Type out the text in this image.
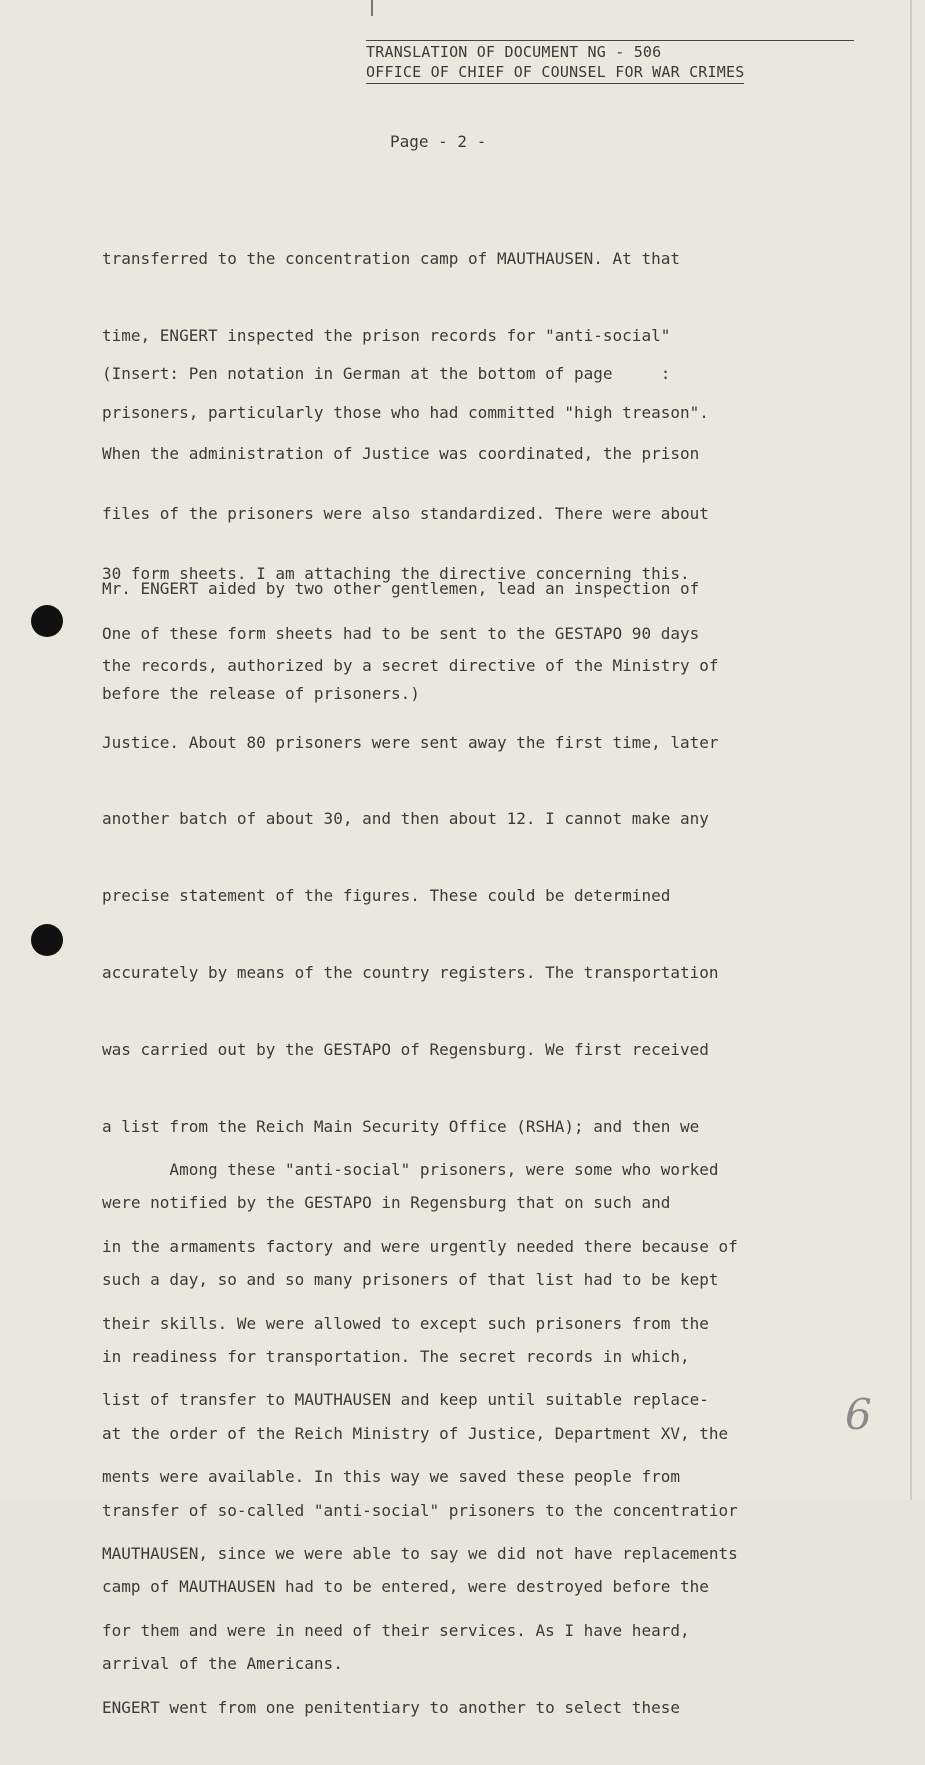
TRANSLATION OF DOCUMENT NG - 506
OFFICE OF CHIEF OF COUNSEL FOR WAR CRIMES
Page - 2 -

transferred to the concentration camp of MAUTHAUSEN. At that

time, ENGERT inspected the prison records for "anti-social"

prisoners, particularly those who had committed "high treason".

(Insert: Pen notation in German at the bottom of page     :

When the administration of Justice was coordinated, the prison

files of the prisoners were also standardized. There were about

30 form sheets. I am attaching the directive concerning this.

One of these form sheets had to be sent to the GESTAPO 90 days

before the release of prisoners.)

Mr. ENGERT aided by two other gentlemen, lead an inspection of

the records, authorized by a secret directive of the Ministry of

Justice. About 80 prisoners were sent away the first time, later

another batch of about 30, and then about 12. I cannot make any

precise statement of the figures. These could be determined

accurately by means of the country registers. The transportation

was carried out by the GESTAPO of Regensburg. We first received

a list from the Reich Main Security Office (RSHA); and then we

were notified by the GESTAPO in Regensburg that on such and

such a day, so and so many prisoners of that list had to be kept

in readiness for transportation. The secret records in which,

at the order of the Reich Ministry of Justice, Department XV, the

transfer of so-called "anti-social" prisoners to the concentratior

camp of MAUTHAUSEN had to be entered, were destroyed before the

arrival of the Americans.

Among these "anti-social" prisoners, were some who worked

in the armaments factory and were urgently needed there because of

their skills. We were allowed to except such prisoners from the

list of transfer to MAUTHAUSEN and keep until suitable replace-

ments were available. In this way we saved these people from

MAUTHAUSEN, since we were able to say we did not have replacements

for them and were in need of their services. As I have heard,

ENGERT went from one penitentiary to another to select these

6
